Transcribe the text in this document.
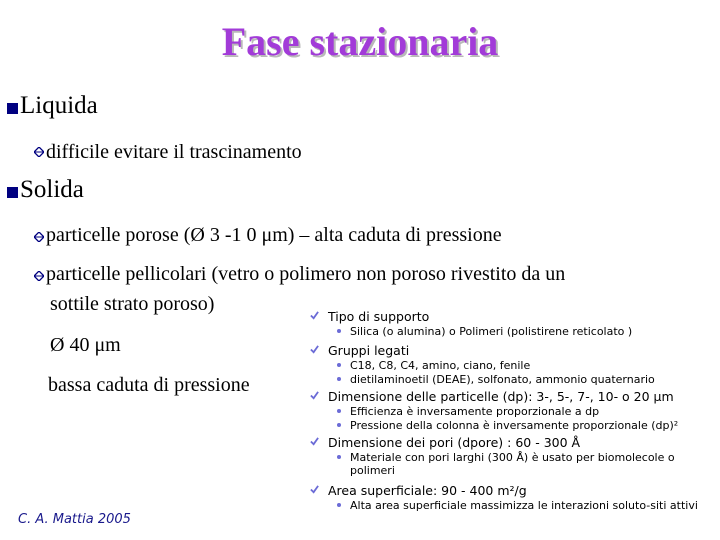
Fase stazionaria
Liquida
difficile evitare il trascinamento
Solida
particelle porose (Ø 3 -1 0 μm) – alta caduta di pressione
particelle pellicolari (vetro o polimero non poroso rivestito da un
sottile strato poroso)
Ø 40 μm
bassa caduta di pressione
Tipo di supporto
Silica (o alumina) o Polimeri (polistirene reticolato )
Gruppi legati
C18, C8, C4, amino, ciano, fenile
dietilaminoetil (DEAE), solfonato, ammonio quaternario
Dimensione delle particelle (dp): 3-, 5-, 7-, 10- o 20 μm
Efficienza è inversamente proporzionale a dp
Pressione della colonna è inversamente proporzionale (dp)²
Dimensione dei pori (dpore) : 60 - 300 Å
Materiale con pori larghi (300 Å) è usato per biomolecole o polimeri
Area superficiale: 90 - 400 m²/g
Alta area superficiale massimizza le interazioni soluto-siti attivi
C. A. Mattia 2005
